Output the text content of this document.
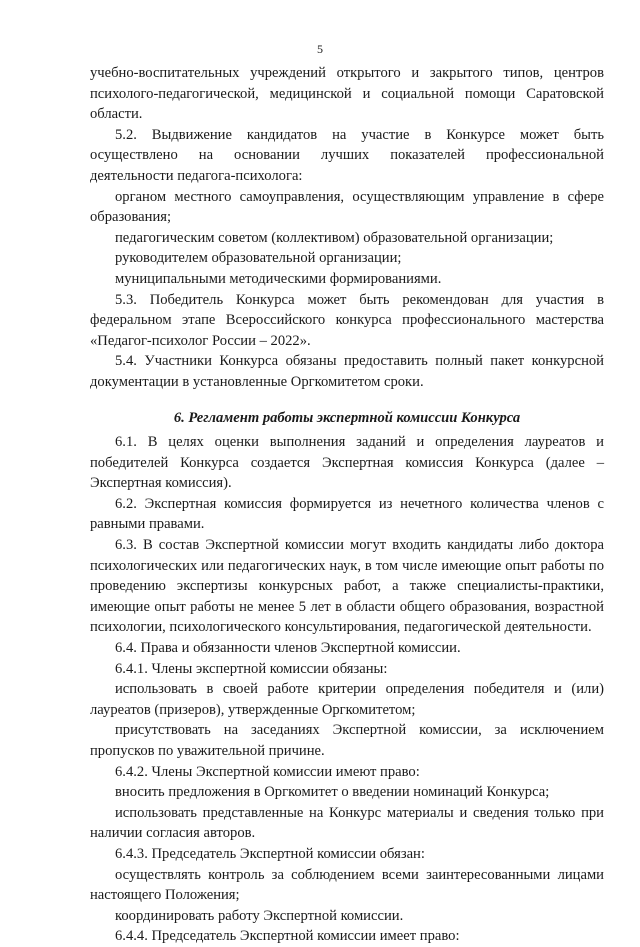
5

учебно-воспитательных учреждений открытого и закрытого типов, центров психолого-педагогической, медицинской и социальной помощи Саратовской области.

5.2. Выдвижение кандидатов на участие в Конкурсе может быть осуществлено на основании лучших показателей профессиональной деятельности педагога-психолога:

органом местного самоуправления, осуществляющим управление в сфере образования;

педагогическим советом (коллективом) образовательной организации;

руководителем образовательной организации;

муниципальными методическими формированиями.

5.3. Победитель Конкурса может быть рекомендован для участия в федеральном этапе Всероссийского конкурса профессионального мастерства «Педагог-психолог России – 2022».

5.4. Участники Конкурса обязаны предоставить полный пакет конкурсной документации в установленные Оргкомитетом сроки.

6. Регламент работы экспертной комиссии Конкурса

6.1. В целях оценки выполнения заданий и определения лауреатов и победителей Конкурса создается Экспертная комиссия Конкурса (далее – Экспертная комиссия).

6.2. Экспертная комиссия формируется из нечетного количества членов с равными правами.

6.3. В состав Экспертной комиссии могут входить кандидаты либо доктора психологических или педагогических наук, в том числе имеющие опыт работы по проведению экспертизы конкурсных работ, а также специалисты-практики, имеющие опыт работы не менее 5 лет в области общего образования, возрастной психологии, психологического консультирования, педагогической деятельности.

6.4. Права и обязанности членов Экспертной комиссии.

6.4.1. Члены экспертной комиссии обязаны:

использовать в своей работе критерии определения победителя и (или) лауреатов (призеров), утвержденные Оргкомитетом;

присутствовать на заседаниях Экспертной комиссии, за исключением пропусков по уважительной причине.

6.4.2. Члены Экспертной комиссии имеют право:

вносить предложения в Оргкомитет о введении номинаций Конкурса;

использовать представленные на Конкурс материалы и сведения только при наличии согласия авторов.

6.4.3. Председатель Экспертной комиссии обязан:

осуществлять контроль за соблюдением всеми заинтересованными лицами настоящего Положения;

координировать работу Экспертной комиссии.

6.4.4. Председатель Экспертной комиссии имеет право:
